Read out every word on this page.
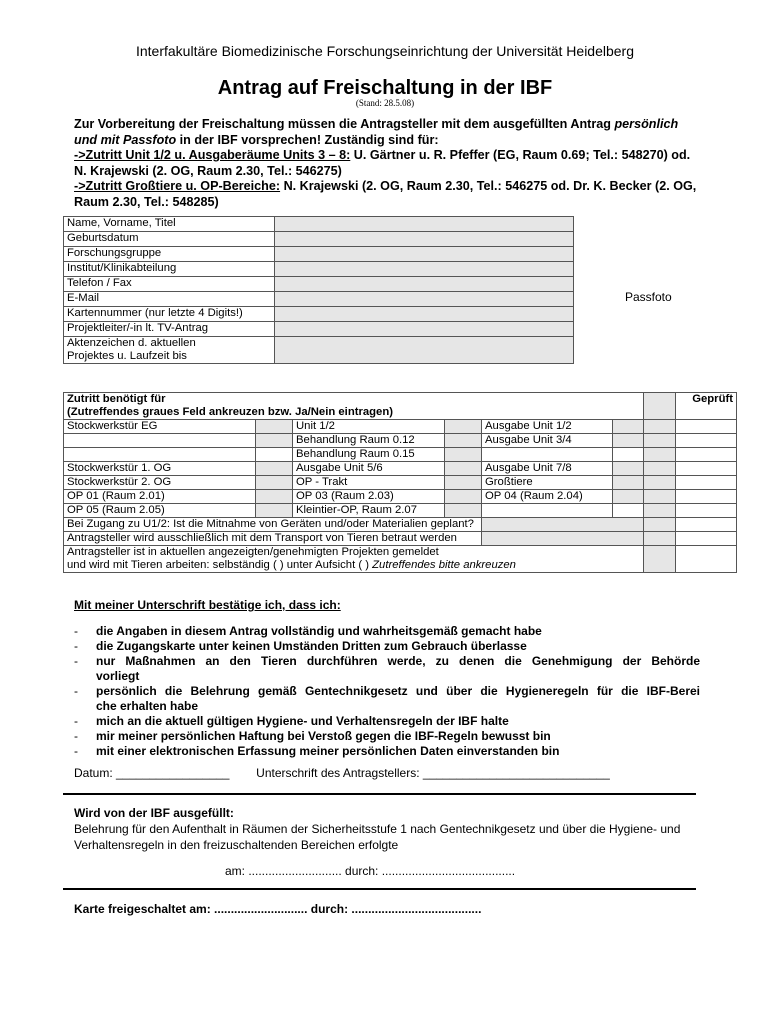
Interfakultäre Biomedizinische Forschungseinrichtung der Universität Heidelberg
Antrag auf Freischaltung in der IBF
(Stand: 28.5.08)
Zur Vorbereitung der Freischaltung müssen die Antragsteller mit dem ausgefüllten Antrag persönlich und mit Passfoto in der IBF vorsprechen! Zuständig sind für:
->Zutritt Unit 1/2 u. Ausgaberäume Units 3 – 8: U. Gärtner u. R. Pfeffer (EG, Raum 0.69; Tel.: 548270) od. N. Krajewski (2. OG, Raum 2.30, Tel.: 546275)
->Zutritt Großtiere u. OP-Bereiche: N. Krajewski (2. OG, Raum 2.30, Tel.: 546275 od. Dr. K. Becker (2. OG, Raum 2.30, Tel.: 548285)
Name, Vorname, Titel	
Geburtsdatum	
Forschungsgruppe	
Institut/Klinikabteilung	
Telefon / Fax	
E-Mail	
Kartennummer (nur letzte 4 Digits!)	
Projektleiter/-in lt. TV-Antrag	
Aktenzeichen d. aktuellen
Projektes u. Laufzeit bis	
Passfoto
Zutritt benötigt für
(Zutreffendes graues Feld ankreuzen bzw. Ja/Nein eintragen)							Geprüft
Stockwerkstür EG		Unit 1/2		Ausgabe Unit 1/2			
		Behandlung Raum 0.12		Ausgabe Unit 3/4			
		Behandlung Raum 0.15					
Stockwerkstür 1. OG		Ausgabe Unit 5/6		Ausgabe Unit 7/8			
Stockwerkstür 2. OG		OP - Trakt		Großtiere			
OP 01 (Raum 2.01)		OP 03 (Raum 2.03)		OP 04 (Raum 2.04)			
OP 05 (Raum 2.05)		Kleintier-OP, Raum 2.07					
Bei Zugang zu U1/2: Ist die Mitnahme von Geräten und/oder Materialien geplant?							
Antragsteller wird ausschließlich mit dem Transport von Tieren betraut werden							
Antragsteller ist in aktuellen angezeigten/genehmigten Projekten gemeldet
und wird mit Tieren arbeiten: selbständig ( ) unter Aufsicht ( ) Zutreffendes bitte ankreuzen							
Mit meiner Unterschrift bestätige ich, dass ich:
-	die Angaben in diesem Antrag vollständig und wahrheitsgemäß gemacht habe
-	die Zugangskarte unter keinen Umständen Dritten zum Gebrauch überlasse
-	nur Maßnahmen an den Tieren durchführen werde, zu denen die Genehmigung der Behörde
vorliegt
-	persönlich die Belehrung gemäß Gentechnikgesetz und über die Hygieneregeln für die IBF-Berei
che erhalten habe
-	mich an die aktuell gültigen Hygiene- und Verhaltensregeln der IBF halte
-	mir meiner persönlichen Haftung bei Verstoß gegen die IBF-Regeln bewusst bin
-	mit einer elektronischen Erfassung meiner persönlichen Daten einverstanden bin
Datum: _________________ Unterschrift des Antragstellers: ____________________________
Wird von der IBF ausgefüllt:
Belehrung für den Aufenthalt in Räumen der Sicherheitsstufe 1 nach Gentechnikgesetz und über die Hygiene- und Verhaltensregeln in den freizuschaltenden Bereichen erfolgte
am: ............................ durch: ........................................
Karte freigeschaltet am: ............................ durch: .......................................
